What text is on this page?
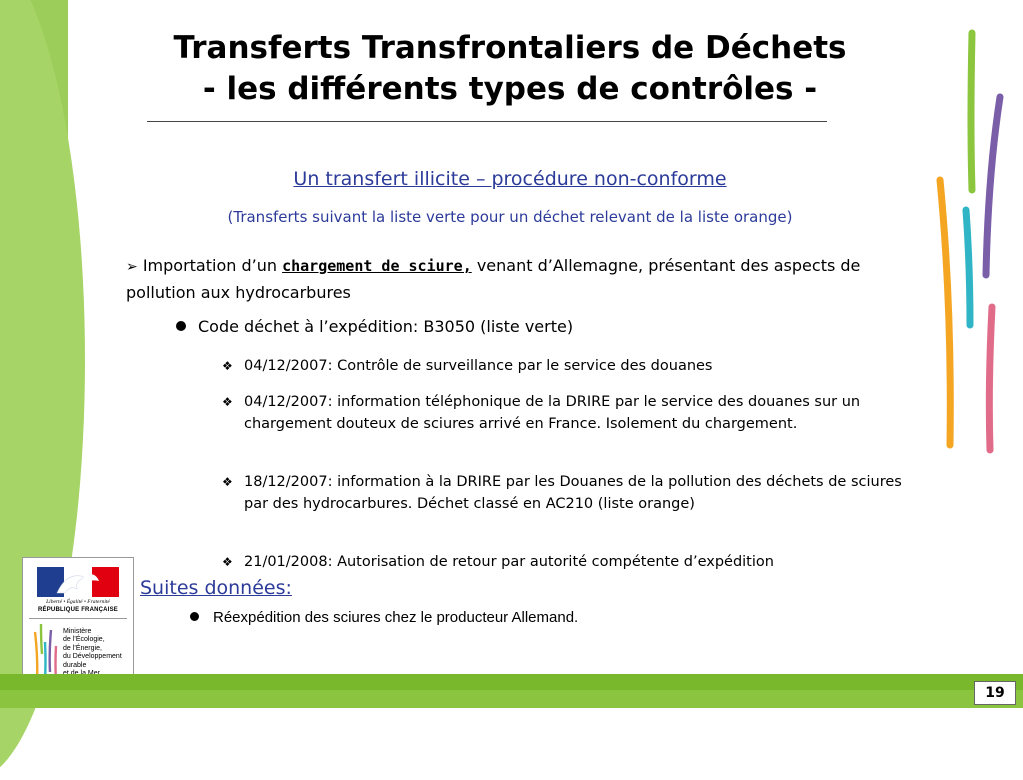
Transferts Transfrontaliers de Déchets
- les différents types de contrôles -
Un transfert illicite – procédure non-conforme
(Transferts suivant la liste verte pour un déchet relevant de la liste orange)
➢ Importation d’un chargement de sciure, venant d’Allemagne, présentant des aspects de pollution aux hydrocarbures
Code déchet à l’expédition: B3050 (liste verte)
❖ 04/12/2007: Contrôle de surveillance par le service des douanes
❖ 04/12/2007: information téléphonique de la DRIRE par le service des douanes sur un chargement douteux de sciures arrivé en France. Isolement du chargement.
❖ 18/12/2007: information à la DRIRE par les Douanes de la pollution des déchets de sciures par des hydrocarbures. Déchet classé en AC210 (liste orange)
❖ 21/01/2008: Autorisation de retour par autorité compétente d’expédition
Suites données:
Réexpédition des sciures chez le producteur Allemand.
Liberté • Égalité • Fraternité
RÉPUBLIQUE FRANÇAISE
Ministère
de l’Écologie,
de l’Énergie,
du Développement
durable
19
